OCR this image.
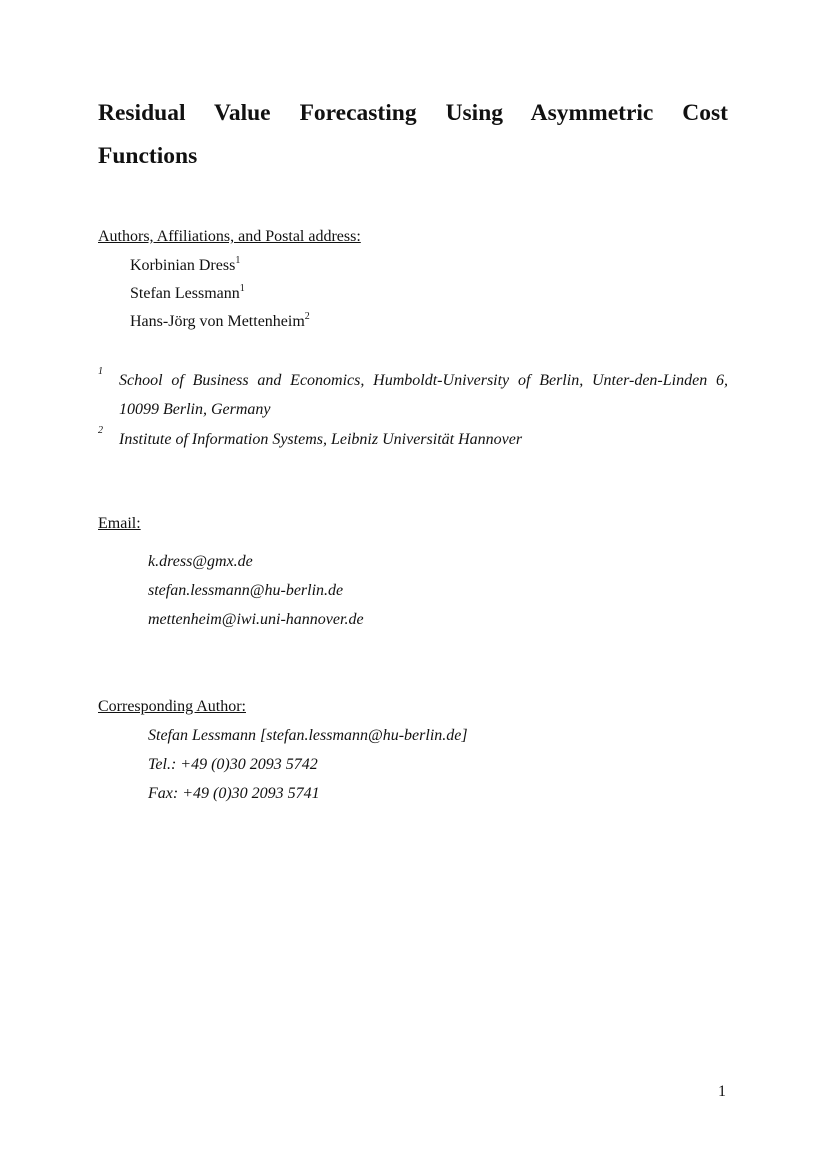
Residual Value Forecasting Using Asymmetric Cost
Functions
Authors, Affiliations, and Postal address:
Korbinian Dress$^1$
Stefan Lessmann$^1$
Hans-Jörg von Mettenheim$^2$
1
School of Business and Economics, Humboldt-University of Berlin, Unter-den-Linden 6,
10099 Berlin, Germany
2
Institute of Information Systems, Leibniz Universität Hannover
Email:
k.dress@gmx.de
stefan.lessmann@hu-berlin.de
mettenheim@iwi.uni-hannover.de
Corresponding Author:
Stefan Lessmann [stefan.lessmann@hu-berlin.de]
Tel.: +49 (0)30 2093 5742
Fax: +49 (0)30 2093 5741
1
